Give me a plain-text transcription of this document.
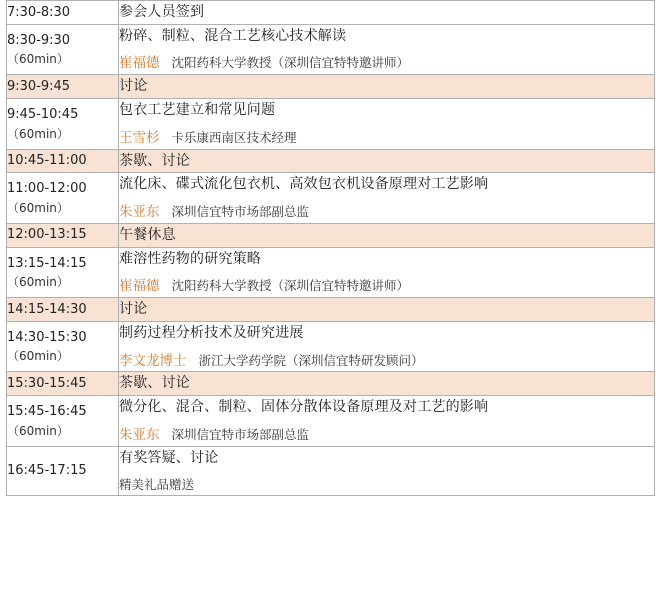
7:30-8:30	参会人员签到

8:30-9:30
（60min）	粉碎、制粒、混合工艺核心技术解读
崔福德 沈阳药科大学教授（深圳信宜特特邀讲师）

9:30-9:45	讨论

9:45-10:45
（60min）	包衣工艺建立和常见问题
王雪杉 卡乐康西南区技术经理

10:45-11:00	茶歇、讨论

11:00-12:00
（60min）	流化床、碟式流化包衣机、高效包衣机设备原理对工艺影响
朱亚东 深圳信宜特市场部副总监

12:00-13:15	午餐休息

13:15-14:15
（60min）	难溶性药物的研究策略
崔福德 沈阳药科大学教授（深圳信宜特特邀讲师）

14:15-14:30	讨论

14:30-15:30
（60min）	制药过程分析技术及研究进展
李文龙博士 浙江大学药学院（深圳信宜特研发顾问）

15:30-15:45	茶歇、讨论

15:45-16:45
（60min）	微分化、混合、制粒、固体分散体设备原理及对工艺的影响
朱亚东 深圳信宜特市场部副总监

16:45-17:15	有奖答疑、讨论
精美礼品赠送
